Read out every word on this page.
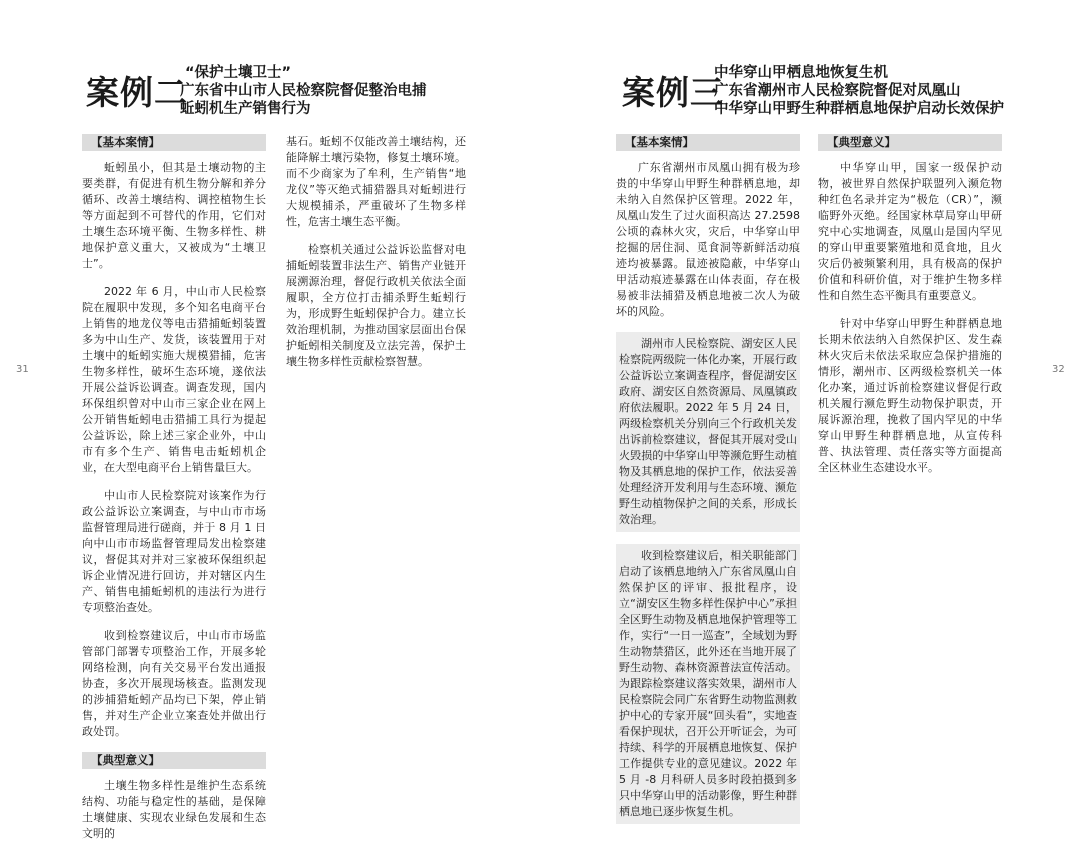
案例二
“保护土壤卫士”
广东省中山市人民检察院督促整治电捕
蚯蚓机生产销售行为
31
【基本案情】

蚯蚓虽小，但其是土壤动物的主要类群，有促进有机生物分解和养分循环、改善土壤结构、调控植物生长等方面起到不可替代的作用，它们对土壤生态环境平衡、生物多样性、耕地保护意义重大，又被成为“土壤卫士”。

2022 年 6 月，中山市人民检察院在履职中发现，多个知名电商平台上销售的地龙仪等电击猎捕蚯蚓装置多为中山生产、发货，该装置用于对土壤中的蚯蚓实施大规模猎捕，危害生物多样性，破坏生态环境，遂依法开展公益诉讼调查。调查发现，国内环保组织曾对中山市三家企业在网上公开销售蚯蚓电击猎捕工具行为提起公益诉讼，除上述三家企业外，中山市有多个生产、销售电击蚯蚓机企业，在大型电商平台上销售量巨大。

中山市人民检察院对该案作为行政公益诉讼立案调查，与中山市市场监督管理局进行磋商，并于 8 月 1 日向中山市市场监督管理局发出检察建议，督促其对并对三家被环保组织起诉企业情况进行回访，并对辖区内生产、销售电捕蚯蚓机的违法行为进行专项整治查处。

收到检察建议后，中山市市场监管部门部署专项整治工作，开展多轮网络检测，向有关交易平台发出通报协查，多次开展现场核查。监测发现的涉捕猎蚯蚓产品均已下架，停止销售，并对生产企业立案查处并做出行政处罚。

【典型意义】

土壤生物多样性是维护生态系统结构、功能与稳定性的基础，是保障土壤健康、实现农业绿色发展和生态文明的

基石。蚯蚓不仅能改善土壤结构，还能降解土壤污染物，修复土壤环境。而不少商家为了牟利，生产销售“地龙仪”等灭绝式捕猎器具对蚯蚓进行大规模捕杀，严重破坏了生物多样性，危害土壤生态平衡。

检察机关通过公益诉讼监督对电捕蚯蚓装置非法生产、销售产业链开展溯源治理，督促行政机关依法全面履职，全方位打击捕杀野生蚯蚓行为，形成野生蚯蚓保护合力。建立长效治理机制，为推动国家层面出台保护蚯蚓相关制度及立法完善，保护土壤生物多样性贡献检察智慧。

案例三
中华穿山甲栖息地恢复生机
广东省潮州市人民检察院督促对凤凰山
中华穿山甲野生种群栖息地保护启动长效保护
32
【基本案情】

广东省潮州市凤凰山拥有极为珍贵的中华穿山甲野生种群栖息地，却未纳入自然保护区管理。2022 年，凤凰山发生了过火面积高达 27.2598 公顷的森林火灾，灾后，中华穿山甲挖掘的居住洞、觅食洞等新鲜活动痕迹均被暴露。鼠迹被隐蔽，中华穿山甲活动痕迹暴露在山体表面，存在极易被非法捕猎及栖息地被二次人为破坏的风险。

湖州市人民检察院、湖安区人民检察院两级院一体化办案，开展行政公益诉讼立案调查程序，督促湖安区政府、湖安区自然资源局、凤凰镇政府依法履职。2022 年 5 月 24 日，两级检察机关分别向三个行政机关发出诉前检察建议，督促其开展对受山火毁损的中华穿山甲等濒危野生动植物及其栖息地的保护工作，依法妥善处理经济开发利用与生态环境、濒危野生动植物保护之间的关系，形成长效治理。

收到检察建议后，相关职能部门启动了该栖息地纳入广东省凤凰山自然保护区的评审、报批程序，设立“湖安区生物多样性保护中心”承担全区野生动物及栖息地保护管理等工作，实行“一日一巡查”，全域划为野生动物禁猎区，此外还在当地开展了野生动物、森林资源普法宣传活动。为跟踪检察建议落实效果，湖州市人民检察院会同广东省野生动物监测救护中心的专家开展“回头看”，实地查看保护现状，召开公开听证会，为可持续、科学的开展栖息地恢复、保护工作提供专业的意见建议。2022 年 5 月 -8 月科研人员多时段拍摄到多只中华穿山甲的活动影像，野生种群栖息地已逐步恢复生机。

【典型意义】

中华穿山甲，国家一级保护动物，被世界自然保护联盟列入濒危物种红色名录并定为“极危（CR）”，濒临野外灭绝。经国家林草局穿山甲研究中心实地调查，凤凰山是国内罕见的穿山甲重要繁殖地和觅食地，且火灾后仍被频繁利用，具有极高的保护价值和科研价值，对于维护生物多样性和自然生态平衡具有重要意义。

针对中华穿山甲野生种群栖息地长期未依法纳入自然保护区、发生森林火灾后未依法采取应急保护措施的情形，潮州市、区两级检察机关一体化办案，通过诉前检察建议督促行政机关履行濒危野生动物保护职责，开展诉源治理，挽救了国内罕见的中华穿山甲野生种群栖息地，从宣传科普、执法管理、责任落实等方面提高全区林业生态建设水平。
